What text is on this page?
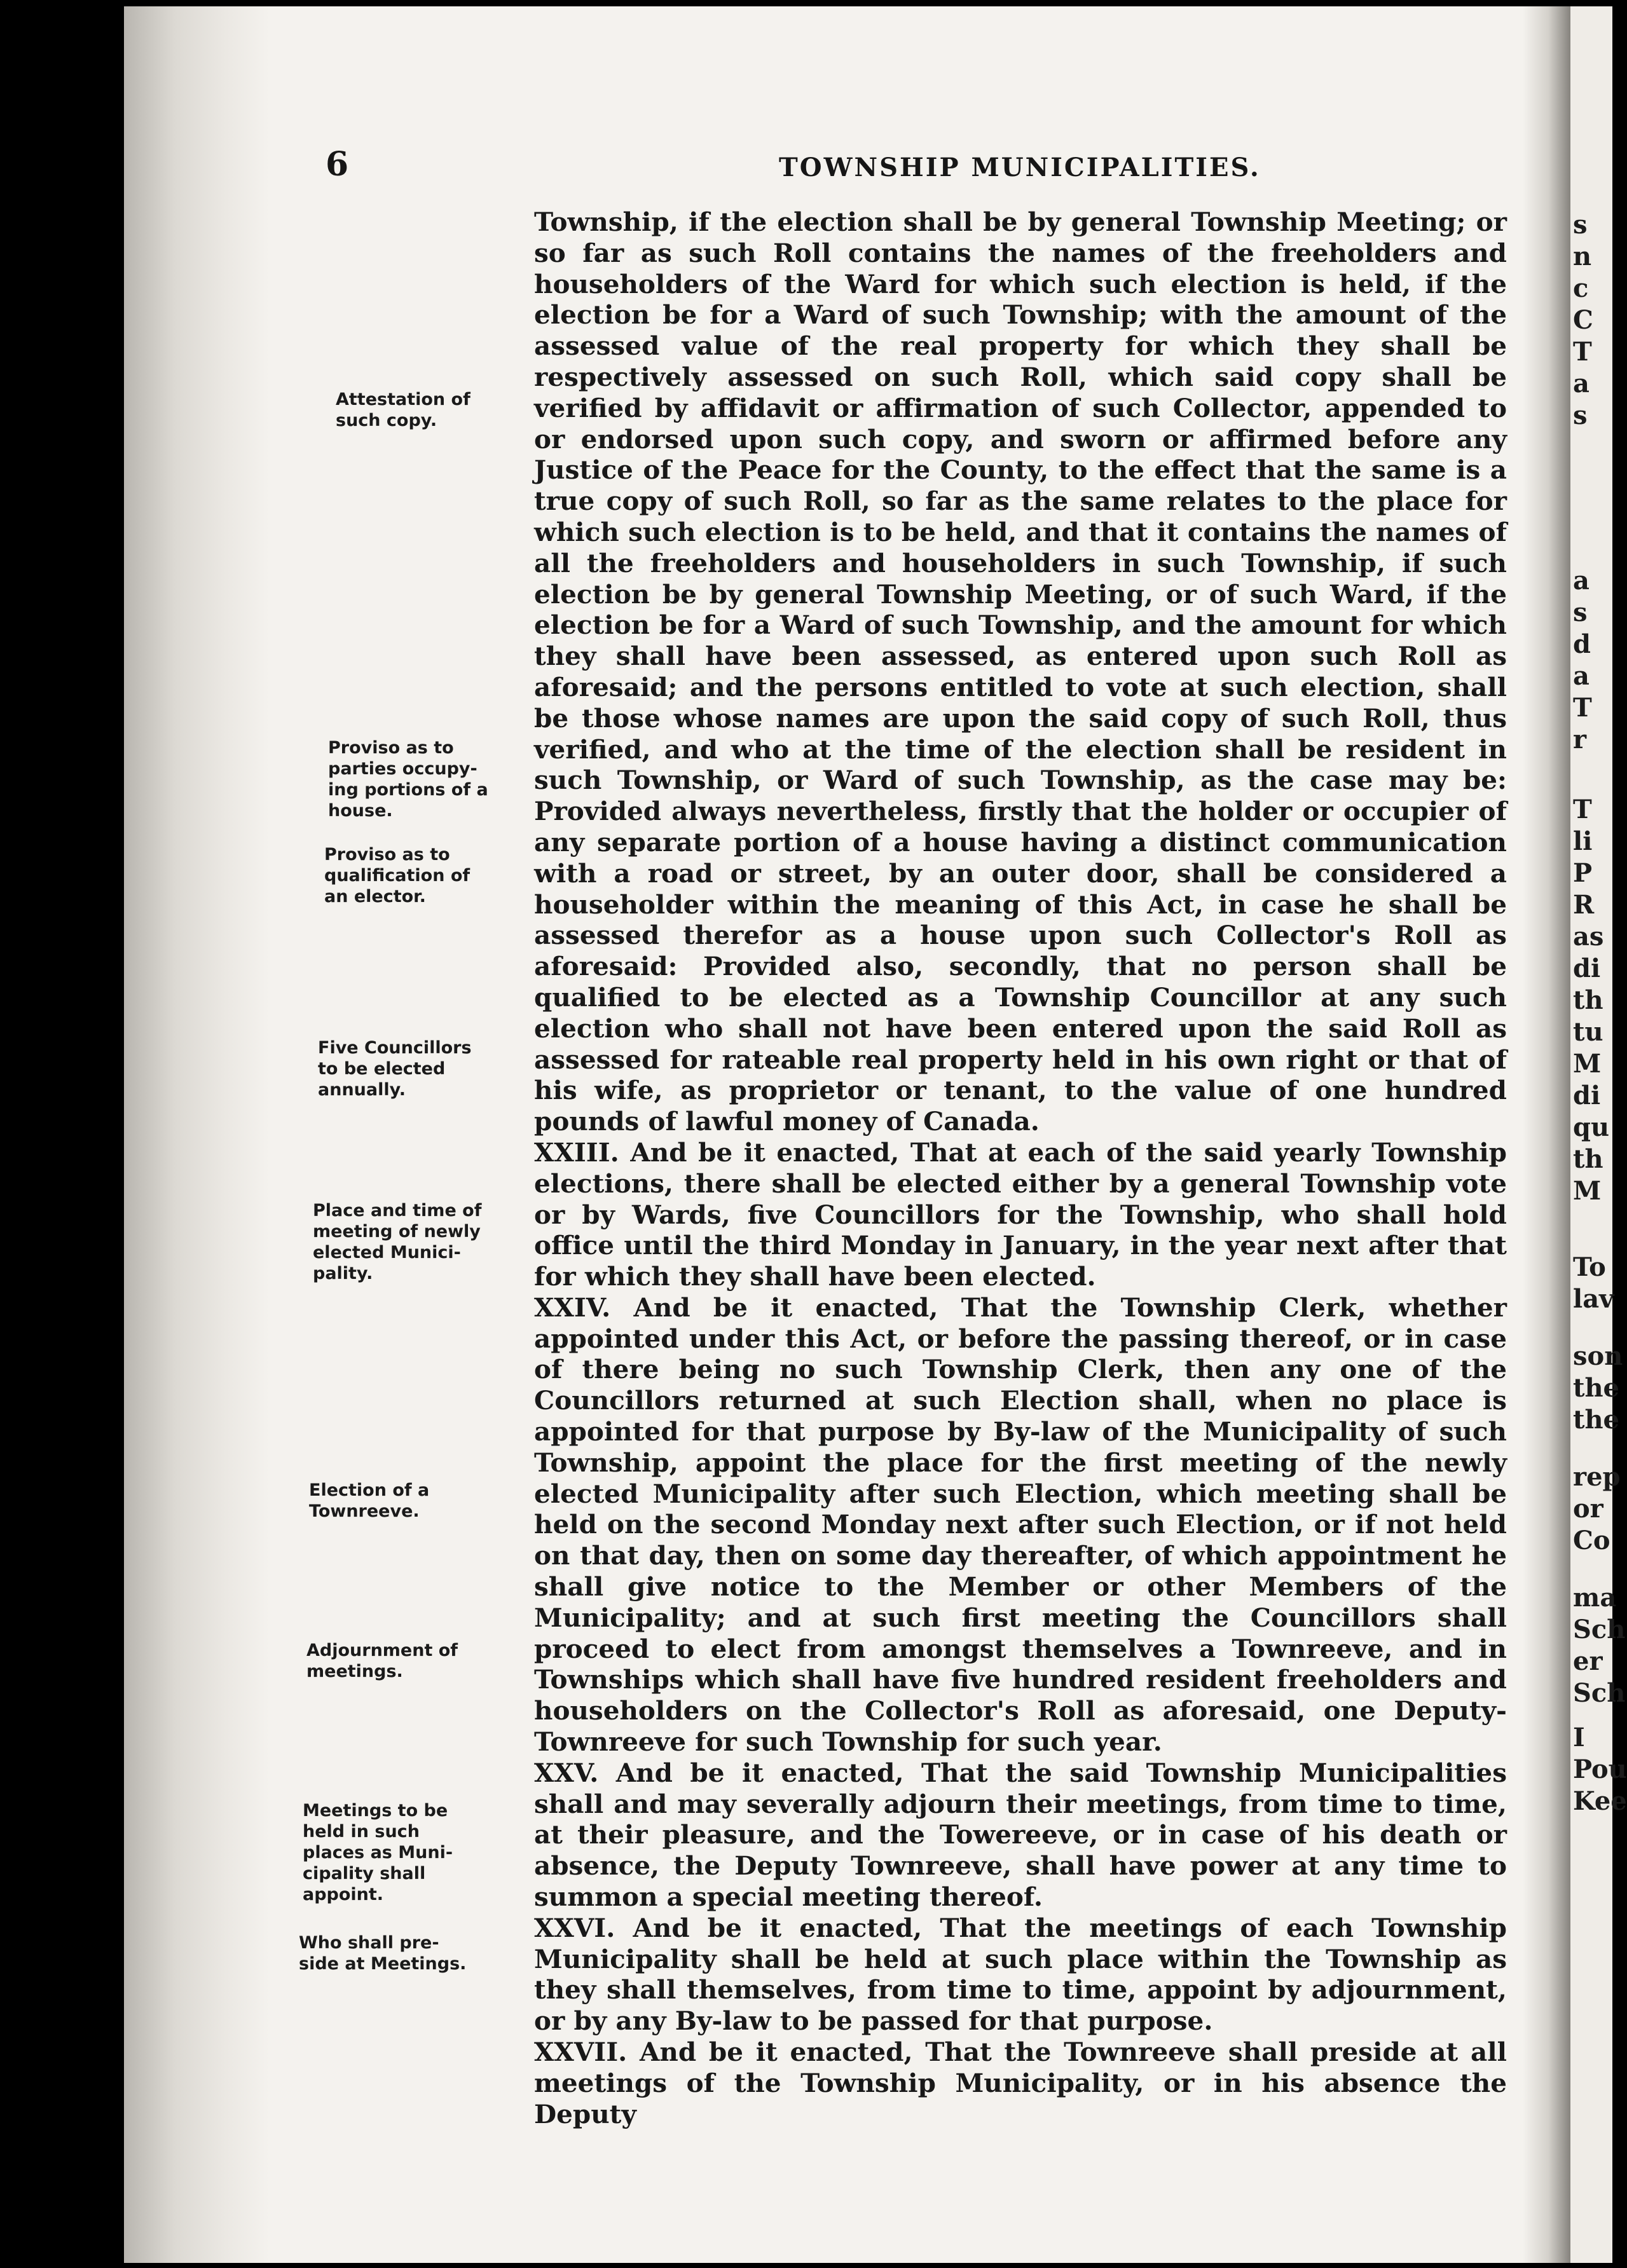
s
n
c
C
T
a
s
a
s
d
a
T
r
T
li
P
R
as
di
th
tu
M
di
qu
th
M
To
lav
son
the
the
rep
or
Co
ma
Sch
er
Sch
I
Pou
Kee
6	TOWNSHIP MUNICIPALITIES.
Attestation of
such copy.
Proviso as to
parties occupy-
ing portions of a
house.
Proviso as to
qualification of
an elector.
Five Councillors
to be elected
annually.
Place and time of
meeting of newly
elected Munici-
pality.
Election of a
Townreeve.
Adjournment of
meetings.
Meetings to be
held in such
places as Muni-
cipality shall
appoint.
Who shall pre-
side at Meetings.

Township, if the election shall be by general Township Meeting; or so far as such Roll contains the names of the freeholders and householders of the Ward for which such election is held, if the election be for a Ward of such Township; with the amount of the assessed value of the real property for which they shall be respectively assessed on such Roll, which said copy shall be verified by affidavit or affirmation of such Collector, appended to or endorsed upon such copy, and sworn or affirmed before any Justice of the Peace for the County, to the effect that the same is a true copy of such Roll, so far as the same relates to the place for which such election is to be held, and that it contains the names of all the freeholders and householders in such Township, if such election be by general Township Meeting, or of such Ward, if the election be for a Ward of such Township, and the amount for which they shall have been assessed, as entered upon such Roll as aforesaid; and the persons entitled to vote at such election, shall be those whose names are upon the said copy of such Roll, thus verified, and who at the time of the election shall be resident in such Township, or Ward of such Township, as the case may be: Provided always nevertheless, firstly that the holder or occupier of any separate portion of a house having a distinct communication with a road or street, by an outer door, shall be considered a householder within the meaning of this Act, in case he shall be assessed therefor as a house upon such Collector's Roll as aforesaid: Provided also, secondly, that no person shall be qualified to be elected as a Township Councillor at any such election who shall not have been entered upon the said Roll as assessed for rateable real property held in his own right or that of his wife, as proprietor or tenant, to the value of one hundred pounds of lawful money of Canada.

XXIII. And be it enacted, That at each of the said yearly Township elections, there shall be elected either by a general Township vote or by Wards, five Councillors for the Township, who shall hold office until the third Monday in January, in the year next after that for which they shall have been elected.

XXIV. And be it enacted, That the Township Clerk, whether appointed under this Act, or before the passing thereof, or in case of there being no such Township Clerk, then any one of the Councillors returned at such Election shall, when no place is appointed for that purpose by By-law of the Municipality of such Township, appoint the place for the first meeting of the newly elected Municipality after such Election, which meeting shall be held on the second Monday next after such Election, or if not held on that day, then on some day thereafter, of which appointment he shall give notice to the Member or other Members of the Municipality; and at such first meeting the Councillors shall proceed to elect from amongst themselves a Townreeve, and in Townships which shall have five hundred resident freeholders and householders on the Collector's Roll as aforesaid, one Deputy-Townreeve for such Township for such year.

XXV. And be it enacted, That the said Township Municipalities shall and may severally adjourn their meetings, from time to time, at their pleasure, and the Towereeve, or in case of his death or absence, the Deputy Townreeve, shall have power at any time to summon a special meeting thereof.

XXVI. And be it enacted, That the meetings of each Township Municipality shall be held at such place within the Township as they shall themselves, from time to time, appoint by adjournment, or by any By-law to be passed for that purpose.

XXVII. And be it enacted, That the Townreeve shall preside at all meetings of the Township Municipality, or in his absence the Deputy
